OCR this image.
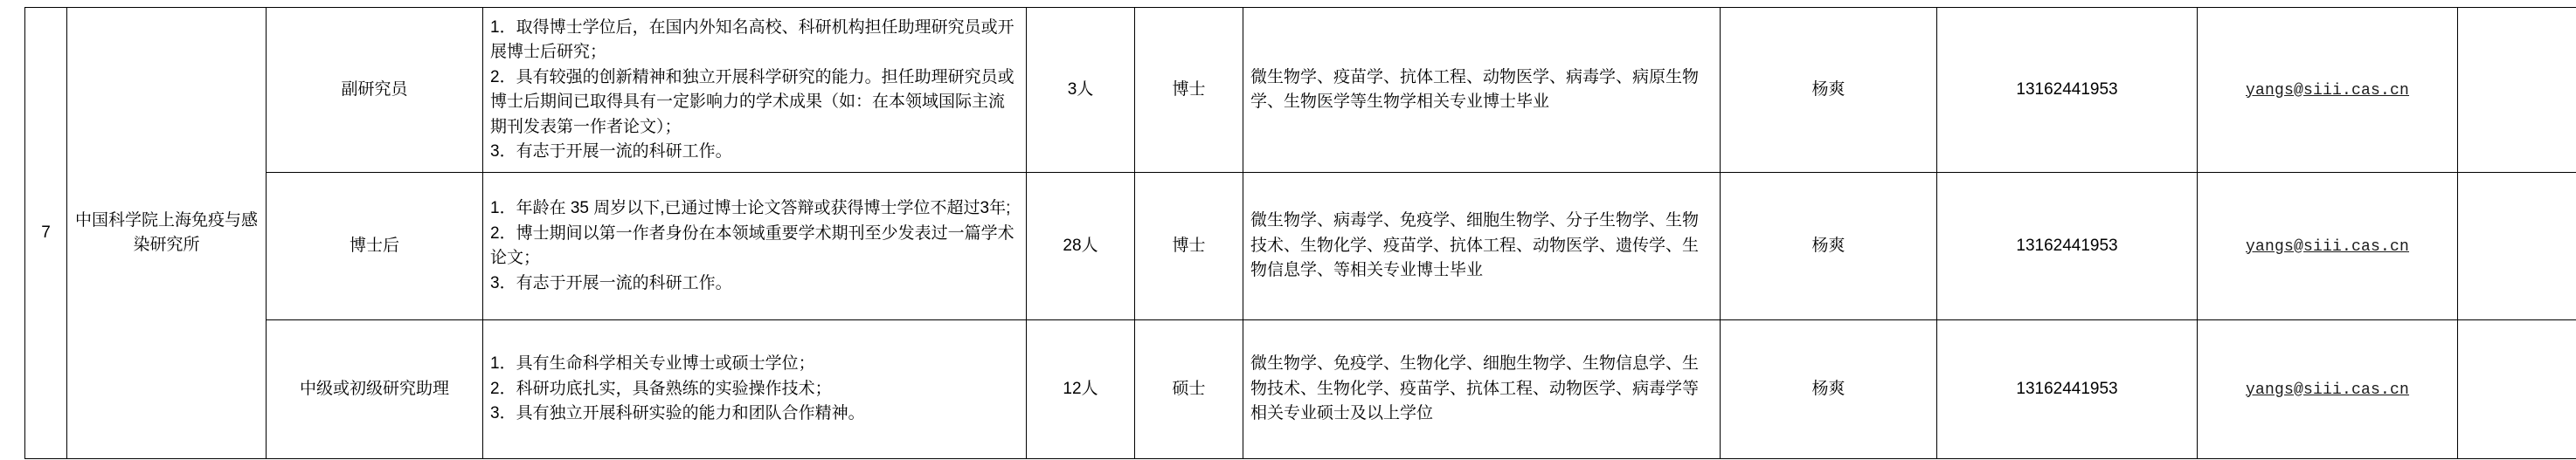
7	中国科学院上海免疫与感染研究所	副研究员	1．取得博士学位后，在国内外知名高校、科研机构担任助理研究员或开展博士后研究；
2．具有较强的创新精神和独立开展科学研究的能力。担任助理研究员或博士后期间已取得具有一定影响力的学术成果（如：在本领域国际主流期刊发表第一作者论文）；
3．有志于开展一流的科研工作。	3人	博士	微生物学、疫苗学、抗体工程、动物医学、病毒学、病原生物学、生物医学等生物学相关专业博士毕业	杨爽	13162441953	yangs@siii.cas.cn	
		博士后	1．年龄在 35 周岁以下,已通过博士论文答辩或获得博士学位不超过3年;
2．博士期间以第一作者身份在本领域重要学术期刊至少发表过一篇学术论文；
3．有志于开展一流的科研工作。	28人	博士	微生物学、病毒学、免疫学、细胞生物学、分子生物学、生物技术、生物化学、疫苗学、抗体工程、动物医学、遗传学、生物信息学、等相关专业博士毕业	杨爽	13162441953	yangs@siii.cas.cn	
		中级或初级研究助理	1．具有生命科学相关专业博士或硕士学位；
2．科研功底扎实，具备熟练的实验操作技术；
3．具有独立开展科研实验的能力和团队合作精神。	12人	硕士	微生物学、免疫学、生物化学、细胞生物学、生物信息学、生物技术、生物化学、疫苗学、抗体工程、动物医学、病毒学等相关专业硕士及以上学位	杨爽	13162441953	yangs@siii.cas.cn	
